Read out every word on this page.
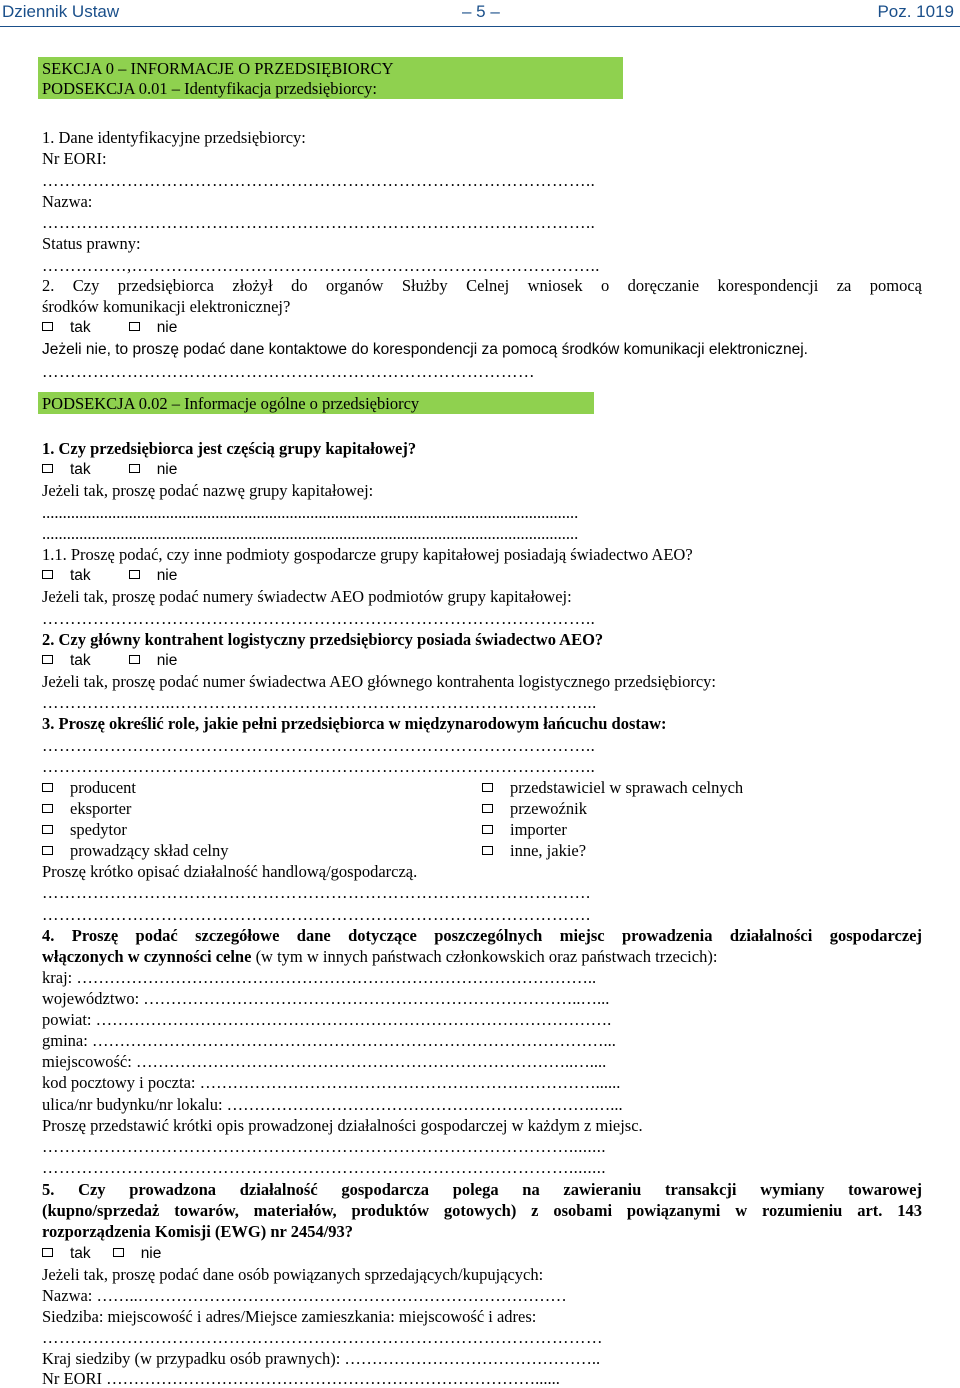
Dziennik Ustaw	– 5 –	Poz. 1019
SEKCJA 0 – INFORMACJE O PRZEDSIĘBIORCY
PODSEKCJA 0.01 – Identyfikacja przedsiębiorcy:
1. Dane identyfikacyjne przedsiębiorcy:
Nr EORI:
……………………………………………………………………………………..
Nazwa:
……………………………………………………………………………………..
Status prawny:
……………,………………………………………………………………………..
2. Czy przedsiębiorca złożył do organów Służby Celnej wniosek o doręczanie korespondencji za pomocą
środków komunikacji elektronicznej?
tak	nie
Jeżeli nie, to proszę podać dane kontaktowe do korespondencji za pomocą środków komunikacji elektronicznej.
……………………………………………………………………………
PODSEKCJA 0.02 – Informacje ogólne o przedsiębiorcy
1. Czy przedsiębiorca jest częścią grupy kapitałowej?
tak	nie
Jeżeli tak, proszę podać nazwę grupy kapitałowej:
..................................................................................................................................
..................................................................................................................................
1.1. Proszę podać, czy inne podmioty gospodarcze grupy kapitałowej posiadają świadectwo AEO?
tak	nie
Jeżeli tak, proszę podać numery świadectw AEO podmiotów grupy kapitałowej:
……………………………………………………………………………………..
2. Czy główny kontrahent logistyczny przedsiębiorcy posiada świadectwo AEO?
tak	nie
Jeżeli tak, proszę podać numer świadectwa AEO głównego kontrahenta logistycznego przedsiębiorcy:
…………………...………………………………………………………………...
3. Proszę określić role, jakie pełni przedsiębiorca w międzynarodowym łańcuchu dostaw:
……………………………………………………………………………………..
……………………………………………………………………………………..
producent	przedstawiciel w sprawach celnych
eksporter	przewoźnik
spedytor	importer
prowadzący skład celny	inne, jakie?
Proszę krótko opisać działalność handlową/gospodarczą.
…………………………………………………………………………………….
…………………………………………………………………………………….
4. Proszę podać szczegółowe dane dotyczące poszczególnych miejsc prowadzenia działalności gospodarczej
włączonych w czynności celne (w tym w innych państwach członkowskich oraz państwach trzecich):
kraj: …………………………………………………………………………………..
województwo: ……………………………………………………………………..…...
powiat: ………………………………………………………………………………….
gmina: …………………………………………………………………………………...
miejscowość: ……………………………………………………………………..…....
kod pocztowy i poczta: ………………………………………………………………......
ulica/nr budynku/nr lokalu: ………………………………………………………….…...
Proszę przedstawić krótki opis prowadzonej działalności gospodarczej w każdym z miejsc.
…………………………………………………………………………………........
…………………………………………………………………………………........
5. Czy prowadzona działalność gospodarcza polega na zawieraniu transakcji wymiany towarowej
(kupno/sprzedaż towarów, materiałów, produktów gotowych) z osobami powiązanymi w rozumieniu art. 143
rozporządzenia Komisji (EWG) nr 2454/93?
tak	nie
Jeżeli tak, proszę podać dane osób powiązanych sprzedających/kupujących:
Nazwa: ……..……………………………………………………………………
Siedziba: miejscowość i adres/Miejsce zamieszkania: miejscowość i adres:
………………………………………………………………………………………
Kraj siedziby (w przypadku osób prawnych): ………………………………………..
Nr EORI ……………………………………………………………………......
